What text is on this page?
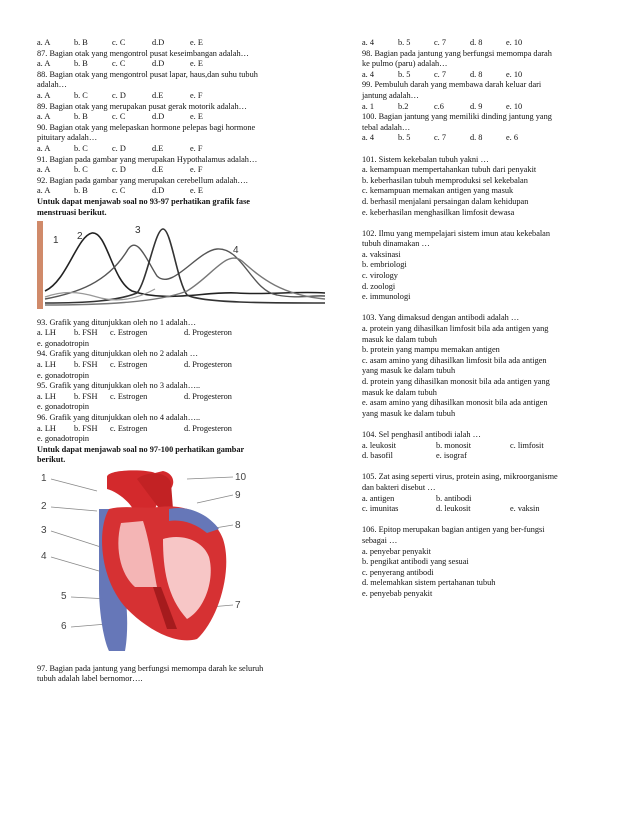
a. A	b. B	c. C	d.D	e. E
87. Bagian otak yang mengontrol pusat keseimbangan adalah…
a. A	b. B	c. C	d.D	e. E
88. Bagian otak yang mengontrol pusat lapar, haus,dan suhu tubuh
adalah…
a. A	b. C	c. D	d.E	e. F
89. Bagian otak yang merupakan pusat gerak motorik adalah…
a. A	b. B	c. C	d.D	e. E
90. Bagian otak yang melepaskan hormone pelepas bagi hormone
pituitary adalah…
a. A	b. C	c. D	d.E	e. F
91. Bagian pada gambar yang merupakan Hypothalamus adalah…
a. A	b. C	c. D	d.E	e. F
92. Bagian pada gambar yang merupakan cerebellum adalah….
a. A	b. B	c. C	d.D	e. E
Untuk dapat menjawab soal no 93-97 perhatikan grafik fase
menstruasi berikut.
1 2
3
4
93. Grafik yang ditunjukkan oleh no 1 adalah…
a. LH b. FSH c. Estrogen	d. Progesteron
e. gonadotropin
94. Grafik yang ditunjukkan oleh no 2 adalah …
a. LH b. FSH c. Estrogen	d. Progesteron
e. gonadotropin
95. Grafik yang ditunjukkan oleh no 3 adalah…..
a. LH b. FSH c. Estrogen	d. Progesteron
e. gonadotropin
96. Grafik yang ditunjukkan oleh no 4 adalah…..
a. LH b. FSH c. Estrogen	d. Progesteron
e. gonadotropin
Untuk dapat menjawab soal no 97-100 perhatikan gambar
berikut.
1
2
3
4
5
6
7
8
9
10
97. Bagian pada jantung yang berfungsi memompa darah ke seluruh
tubuh adalah label bernomor….
a. 4	b. 5	c. 7	d. 8	e. 10
98. Bagian pada jantung yang berfungsi memompa darah
ke pulmo (paru) adalah…
a. 4	b. 5	c. 7	d. 8	e. 10
99. Pembuluh darah yang membawa darah keluar dari
jantung adalah…
a. 1	b.2	c.6	d. 9	e. 10
100. Bagian jantung yang memiliki dinding jantung yang
tebal adalah…
a. 4	b. 5	c. 7	d. 8	e. 6
101. Sistem kekebalan tubuh yakni …
a. kemampuan mempertahankan tubuh dari penyakit
b. keberhasilan tubuh memproduksi sel kekebalan
c. kemampuan memakan antigen yang masuk
d. berhasil menjalani persaingan dalam kehidupan
e. keberhasilan menghasilkan limfosit dewasa
102. Ilmu yang mempelajari sistem imun atau kekebalan
tubuh dinamakan …
a. vaksinasi
b. embriologi
c. virology
d. zoologi
e. immunologi
103. Yang dimaksud dengan antibodi adalah …
a. protein yang dihasilkan limfosit bila ada antigen yang
masuk ke dalam tubuh
b. protein yang mampu memakan antigen
c. asam amino yang dihasilkan limfosit bila ada antigen
yang masuk ke dalam tubuh
d. protein yang dihasilkan monosit bila ada antigen yang
masuk ke dalam tubuh
e. asam amino yang dihasilkan monosit bila ada antigen
yang masuk ke dalam tubuh
104. Sel penghasil antibodi ialah …
a. leukosit	b. monosit	c. limfosit
d. basofil	e. isograf
105. Zat asing seperti virus, protein asing, mikroorganisme
dan bakteri disebut …
a. antigen	b. antibodi
c. imunitas	d. leukosit	e. vaksin
106. Epitop merupakan bagian antigen yang ber-fungsi
sebagai …
a. penyebar penyakit
b. pengikat antibodi yang sesuai
c. penyerang antibodi
d. melemahkan sistem pertahanan tubuh
e. penyebab penyakit
